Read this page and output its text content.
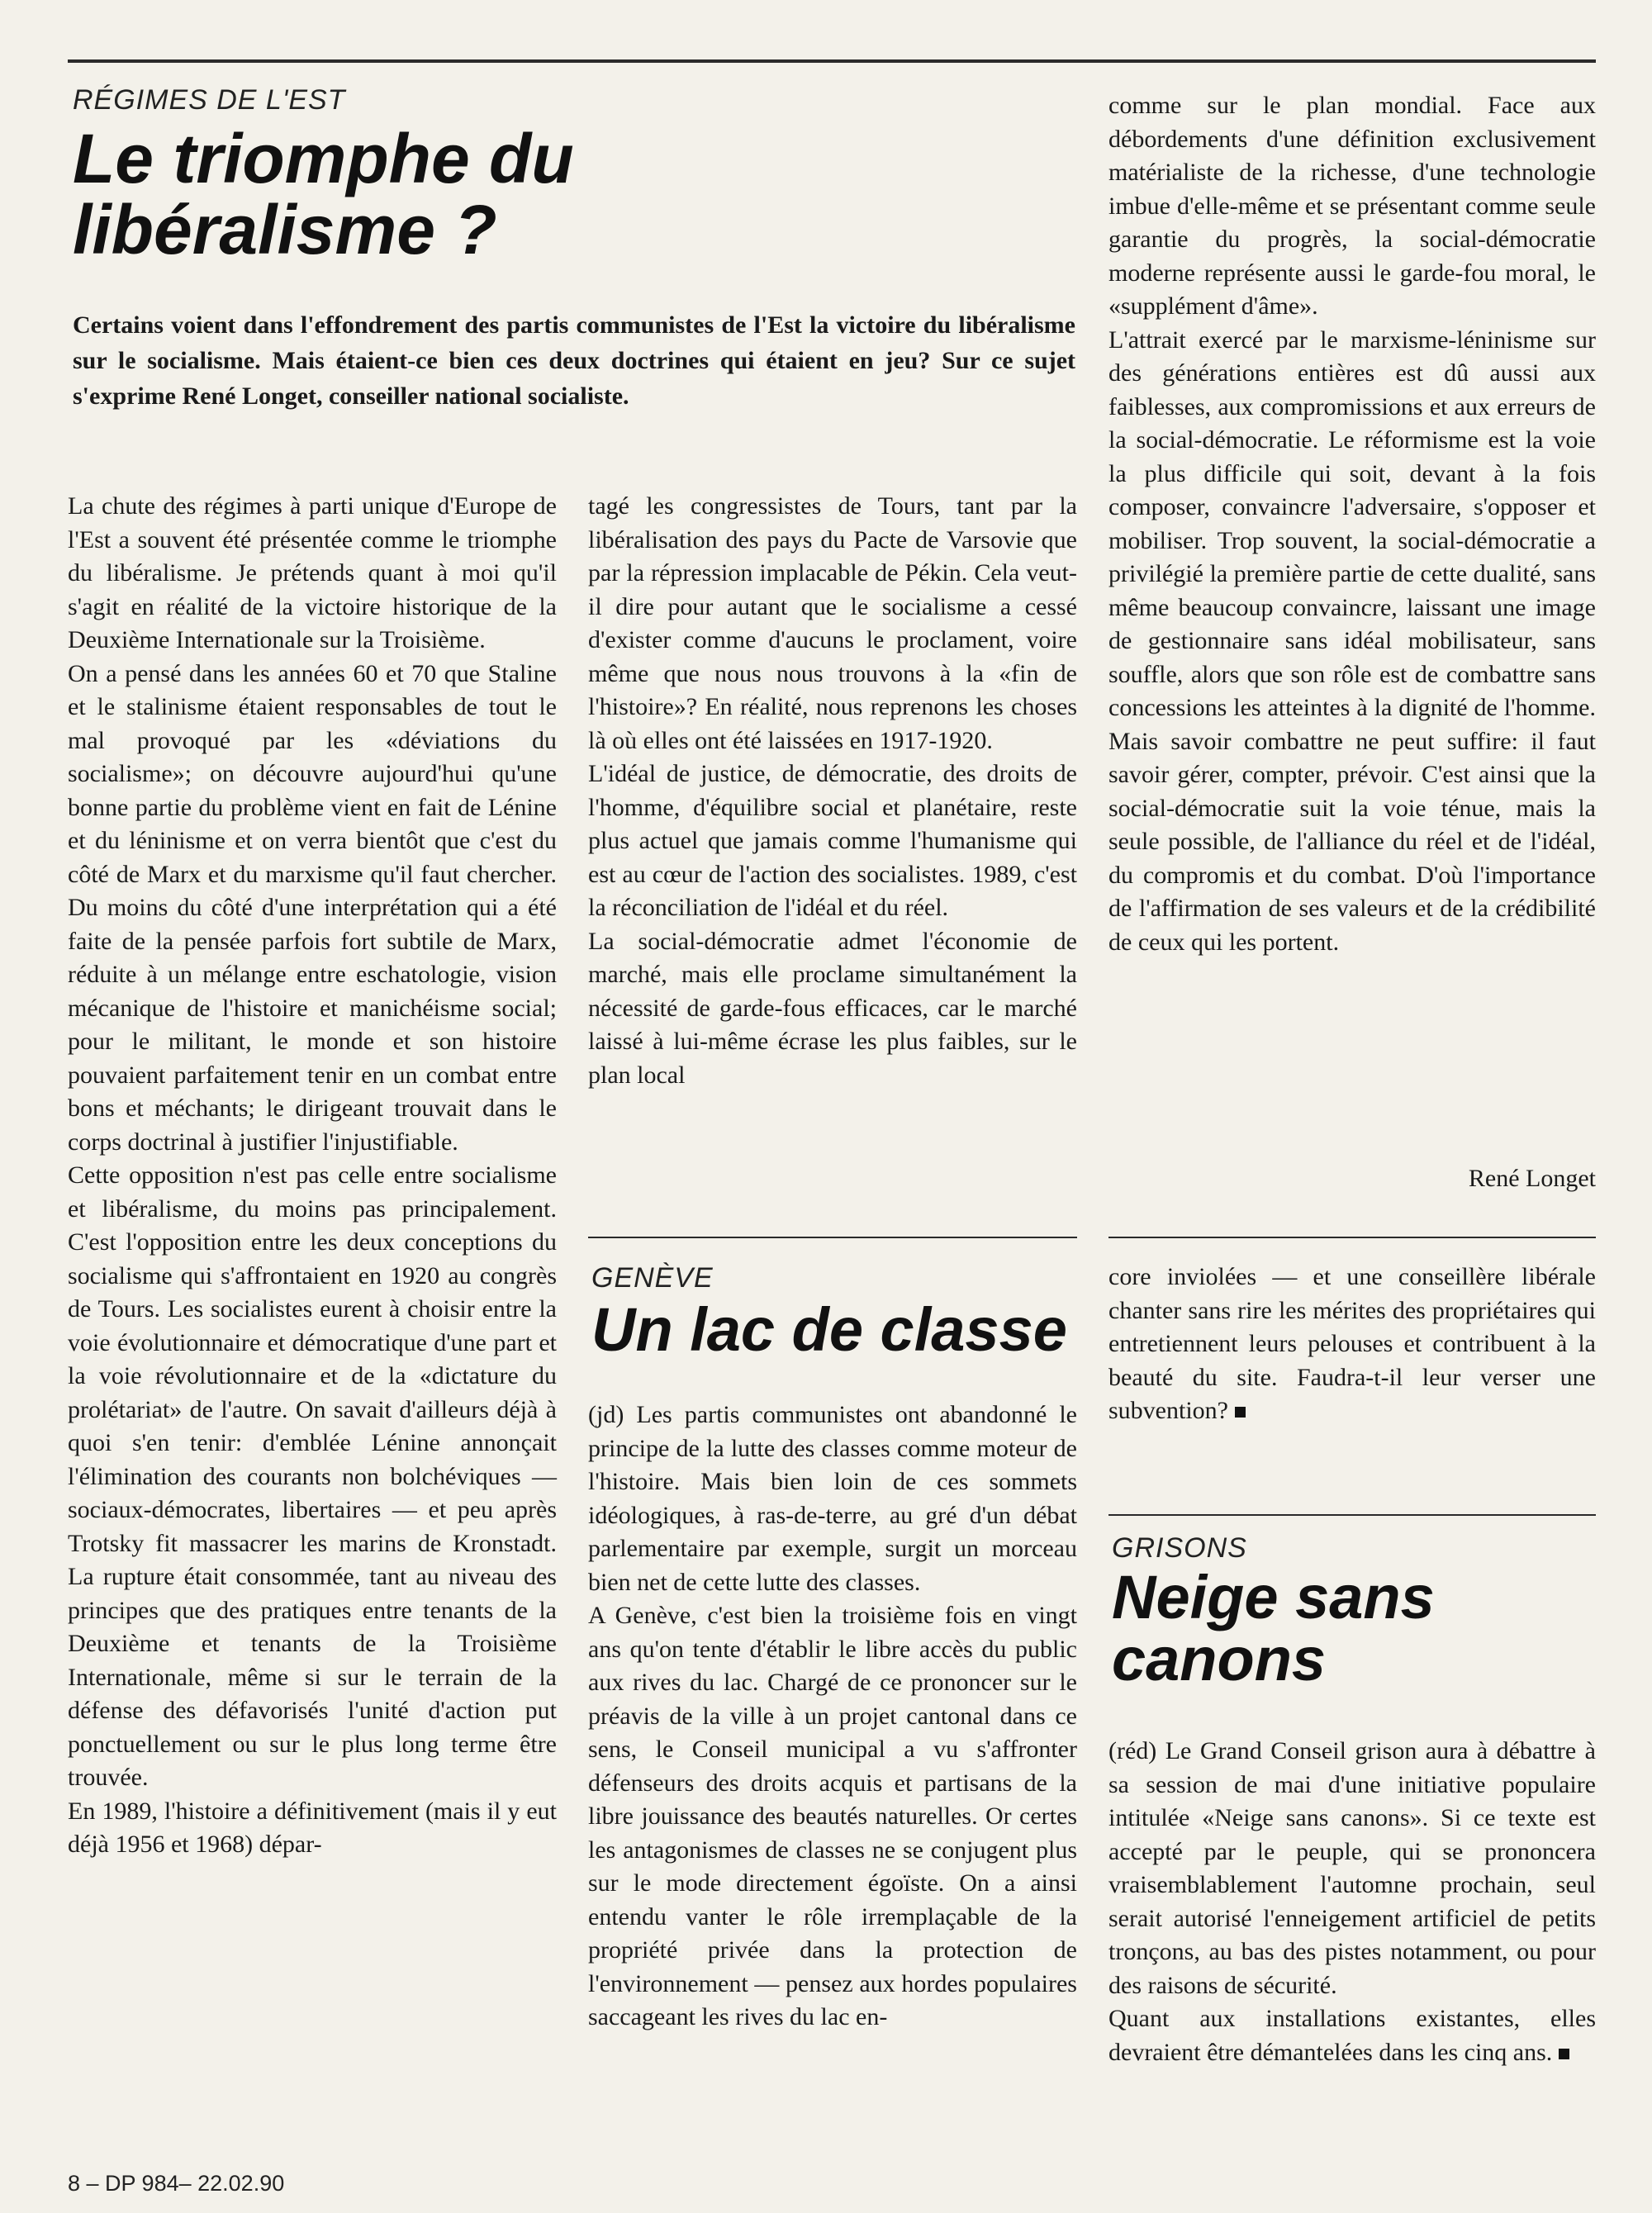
RÉGIMES DE L'EST
Le triomphe du libéralisme ?
Certains voient dans l'effondrement des partis communistes de l'Est la victoire du libéralisme sur le socialisme. Mais étaient-ce bien ces deux doctrines qui étaient en jeu? Sur ce sujet s'exprime René Longet, conseiller national socialiste.

La chute des régimes à parti unique d'Europe de l'Est a souvent été présentée comme le triomphe du libéralisme. Je prétends quant à moi qu'il s'agit en réalité de la victoire historique de la Deuxième Internationale sur la Troisième.

On a pensé dans les années 60 et 70 que Staline et le stalinisme étaient responsables de tout le mal provoqué par les «déviations du socialisme»; on découvre aujourd'hui qu'une bonne partie du problème vient en fait de Lénine et du léninisme et on verra bientôt que c'est du côté de Marx et du marxisme qu'il faut chercher. Du moins du côté d'une interprétation qui a été faite de la pensée parfois fort subtile de Marx, réduite à un mélange entre eschatologie, vision mécanique de l'histoire et manichéisme social; pour le militant, le monde et son histoire pouvaient parfaitement tenir en un combat entre bons et méchants; le dirigeant trouvait dans le corps doctrinal à justifier l'injustifiable.

Cette opposition n'est pas celle entre socialisme et libéralisme, du moins pas principalement. C'est l'opposition entre les deux conceptions du socialisme qui s'affrontaient en 1920 au congrès de Tours. Les socialistes eurent à choisir entre la voie évolutionnaire et démocratique d'une part et la voie révolutionnaire et de la «dictature du prolétariat» de l'autre. On savait d'ailleurs déjà à quoi s'en tenir: d'emblée Lénine annonçait l'élimination des courants non bolchéviques — sociaux-démocrates, libertaires — et peu après Trotsky fit massacrer les marins de Kronstadt. La rupture était consommée, tant au niveau des principes que des pratiques entre tenants de la Deuxième et tenants de la Troisième Internationale, même si sur le terrain de la défense des défavorisés l'unité d'action put ponctuellement ou sur le plus long terme être trouvée.

En 1989, l'histoire a définitivement (mais il y eut déjà 1956 et 1968) dépar-

tagé les congressistes de Tours, tant par la libéralisation des pays du Pacte de Varsovie que par la répression implacable de Pékin. Cela veut-il dire pour autant que le socialisme a cessé d'exister comme d'aucuns le proclament, voire même que nous nous trouvons à la «fin de l'histoire»? En réalité, nous reprenons les choses là où elles ont été laissées en 1917-1920.

L'idéal de justice, de démocratie, des droits de l'homme, d'équilibre social et planétaire, reste plus actuel que jamais comme l'humanisme qui est au cœur de l'action des socialistes. 1989, c'est la réconciliation de l'idéal et du réel.

La social-démocratie admet l'économie de marché, mais elle proclame simultanément la nécessité de garde-fous efficaces, car le marché laissé à lui-même écrase les plus faibles, sur le plan local

comme sur le plan mondial. Face aux débordements d'une définition exclusivement matérialiste de la richesse, d'une technologie imbue d'elle-même et se présentant comme seule garantie du progrès, la social-démocratie moderne représente aussi le garde-fou moral, le «supplément d'âme».

L'attrait exercé par le marxisme-léninisme sur des générations entières est dû aussi aux faiblesses, aux compromissions et aux erreurs de la social-démocratie. Le réformisme est la voie la plus difficile qui soit, devant à la fois composer, convaincre l'adversaire, s'opposer et mobiliser. Trop souvent, la social-démocratie a privilégié la première partie de cette dualité, sans même beaucoup convaincre, laissant une image de gestionnaire sans idéal mobilisateur, sans souffle, alors que son rôle est de combattre sans concessions les atteintes à la dignité de l'homme. Mais savoir combattre ne peut suffire: il faut savoir gérer, compter, prévoir. C'est ainsi que la social-démocratie suit la voie ténue, mais la seule possible, de l'alliance du réel et de l'idéal, du compromis et du combat. D'où l'importance de l'affirmation de ses valeurs et de la crédibilité de ceux qui les portent.

René Longet
GENÈVE
Un lac de classe

(jd) Les partis communistes ont abandonné le principe de la lutte des classes comme moteur de l'histoire. Mais bien loin de ces sommets idéologiques, à ras-de-terre, au gré d'un débat parlementaire par exemple, surgit un morceau bien net de cette lutte des classes.

A Genève, c'est bien la troisième fois en vingt ans qu'on tente d'établir le libre accès du public aux rives du lac. Chargé de ce prononcer sur le préavis de la ville à un projet cantonal dans ce sens, le Conseil municipal a vu s'affronter défenseurs des droits acquis et partisans de la libre jouissance des beautés naturelles. Or certes les antagonismes de classes ne se conjugent plus sur le mode directement égoïste. On a ainsi entendu vanter le rôle irremplaçable de la propriété privée dans la protection de l'environnement — pensez aux hordes populaires saccageant les rives du lac en-

core inviolées — et une conseillère libérale chanter sans rire les mérites des propriétaires qui entretiennent leurs pelouses et contribuent à la beauté du site. Faudra-t-il leur verser une subvention?

GRISONS
Neige sans canons

(réd) Le Grand Conseil grison aura à débattre à sa session de mai d'une initiative populaire intitulée «Neige sans canons». Si ce texte est accepté par le peuple, qui se prononcera vraisemblablement l'automne prochain, seul serait autorisé l'enneigement artificiel de petits tronçons, au bas des pistes notamment, ou pour des raisons de sécurité.

Quant aux installations existantes, elles devraient être démantelées dans les cinq ans.

8 – DP 984– 22.02.90
